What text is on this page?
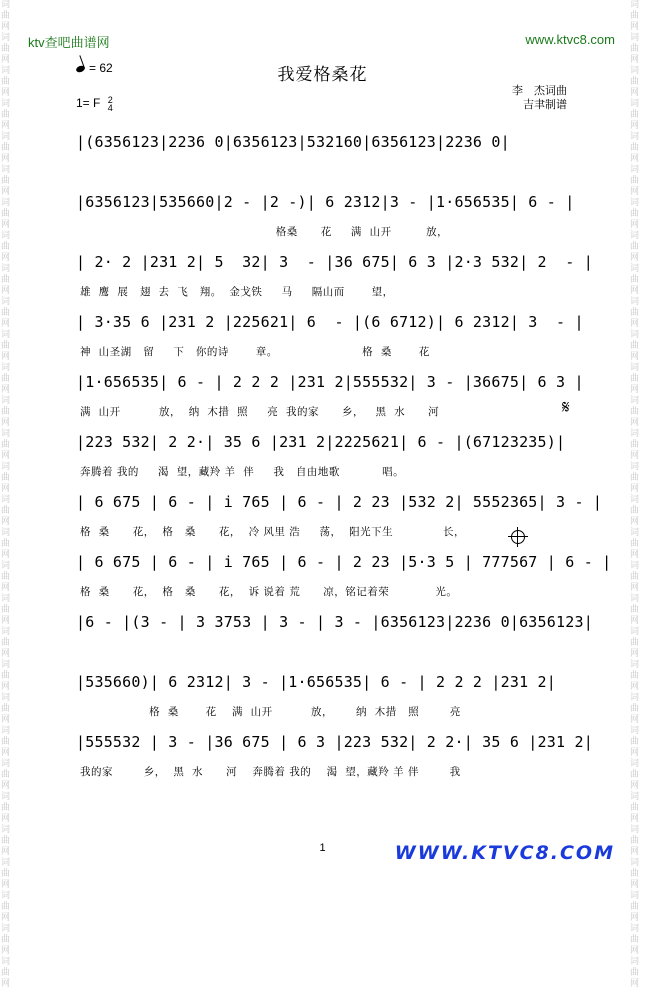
词曲网词曲网词曲网词曲网词曲网词曲网词曲网词曲网词曲网词曲网词曲网词曲网词曲网词曲网词曲网词曲网词曲网词曲网词曲网词曲网词曲网词曲网词曲网词曲网词曲网词曲网词曲网词曲网词曲网词曲网
词曲网词曲网词曲网词曲网词曲网词曲网词曲网词曲网词曲网词曲网词曲网词曲网词曲网词曲网词曲网词曲网词曲网词曲网词曲网词曲网词曲网词曲网词曲网词曲网词曲网词曲网词曲网词曲网词曲网词曲网
ktv查吧曲谱网	www.ktvc8.com
我爱格桑花
= 62
1= F 2
4
李　杰词曲
吉聿制谱
|(6356123|2236 0|6356123|532160|6356123|2236 0|
|6356123|535660|2 - |2 -)| 6 2312|3 - |1·656535| 6 - |
格桑      花     满  山开         放，
| 2· 2 |231 2| 5  32| 3  - |36 675| 6 3 |2·3 532| 2  - |
雄  鹰  展   翅  去  飞   翔。  金戈铁     马     隔山而       望，
| 3·35 6 |231 2 |225621| 6  - |(6 6712)| 6 2312| 3  - |
神  山圣湖   留     下   你的诗       章。                      格  桑       花
|1·656535| 6 - | 2 2 2 |231 2|555532| 3 - |36675| 6 3 |
满  山开          放，  纳  木措  照     亮  我的家      乡，   黑  水      河
|223 532| 2 2·| 35 6 |231 2|2225621| 6 - |(67123235)|
奔腾着 我的     渴  望，藏羚 羊  伴     我   自由地歌           唱。
| 6 675 | 6 - | i 765 | 6 - | 2 23 |532 2| 5552365| 3 - |
格  桑      花，  格   桑      花，  冷 风里 浩     荡，  阳光下生             长，
| 6 675 | 6 - | i 765 | 6 - | 2 23 |5·3 5 | 777567 | 6 - |
格  桑      花，  格   桑      花，  诉 说着 荒      凉，铭记着荣            光。
|6 - |(3 - | 3 3753 | 3 - | 3 - |6356123|2236 0|6356123|
|535660)| 6 2312| 3 - |1·656535| 6 - | 2 2 2 |231 2|
格  桑       花    满  山开          放，      纳  木措   照        亮
|555532 | 3 - |36 675 | 6 3 |223 532| 2 2·| 35 6 |231 2|
我的家        乡，  黑  水      河    奔腾着 我的    渴  望，藏羚 羊 伴        我
𝄋
1	WWW.KTVC8.COM
